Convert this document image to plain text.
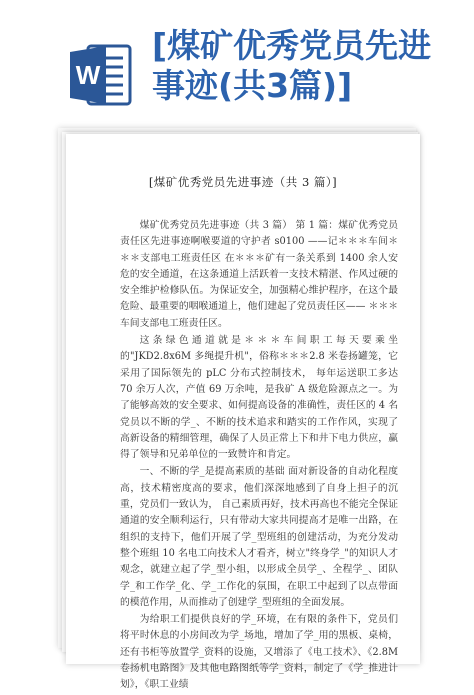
W
[煤矿优秀党员先进事迹(共3篇)]
[煤矿优秀党员先进事迹（共 3 篇）]

煤矿优秀党员先进事迹（共 3 篇） 第 1 篇：煤矿优秀党员责任区先进事迹啊喉要道的守护者 s0100 ——记＊＊＊车间＊＊＊支部电工班责任区 在＊＊＊矿有一条关系到 1400 余人安危的安全通道，在这条通道上活跃着一支技术精湛、作风过硬的安全维护检修队伍。为保证安全，加强精心维护程序，在这个最危险、最重要的咽喉通道上，他们建起了党员责任区—— ＊＊＊车间支部电工班责任区。

这条绿色通道就是＊＊＊车间职工每天要乘坐的"JKD2.8x6M 多绳提升机"，俗称＊＊＊2.8 米卷扬罐笼，它采用了国际领先的 pLC 分布式控制技术， 每年运送职工多达 70 余万人次，产值 69 万余吨，是我矿 A 级危险源点之一。为了能够高效的安全要求、如何提高设备的准确性，责任区的 4 名党员以不断的学_、不断的技术追求和踏实的工作作风，实现了高新设备的精细管理，确保了人员正常上下和井下电力供应，赢得了领导和兄弟单位的一致赞许和肯定。

一、不断的学_是提高素质的基础 面对新设备的自动化程度高，技术精密度高的要求，他们深深地感到了自身上担子的沉重，党员们一致认为， 自己素质再好，技术再高也不能完全保证通道的安全顺利运行，只有带动大家共同提高才是唯一出路，在组织的支持下，他们开展了学_型班组的创建活动，为充分发动整个班组 10 名电工向技术人才看齐，树立"终身学_"的知识人才观念，就建立起了学_型小组，以形成全员学_、全程学_、团队学_和工作学_化、学_工作化的氛围，在职工中起到了以点带面的模范作用，从而推动了创建学_型班组的全面发展。

为给职工们提供良好的学_环境，在有限的条件下，党员们将平时休息的小房间改为学_场地，增加了学_用的黑板、桌椅，还有书柜等放置学_资料的设施，又增添了《电工技术》、《2.8M 卷扬机电路图》及其他电路图纸等学_资料，制定了《学_推进计划》，《职工业绩
